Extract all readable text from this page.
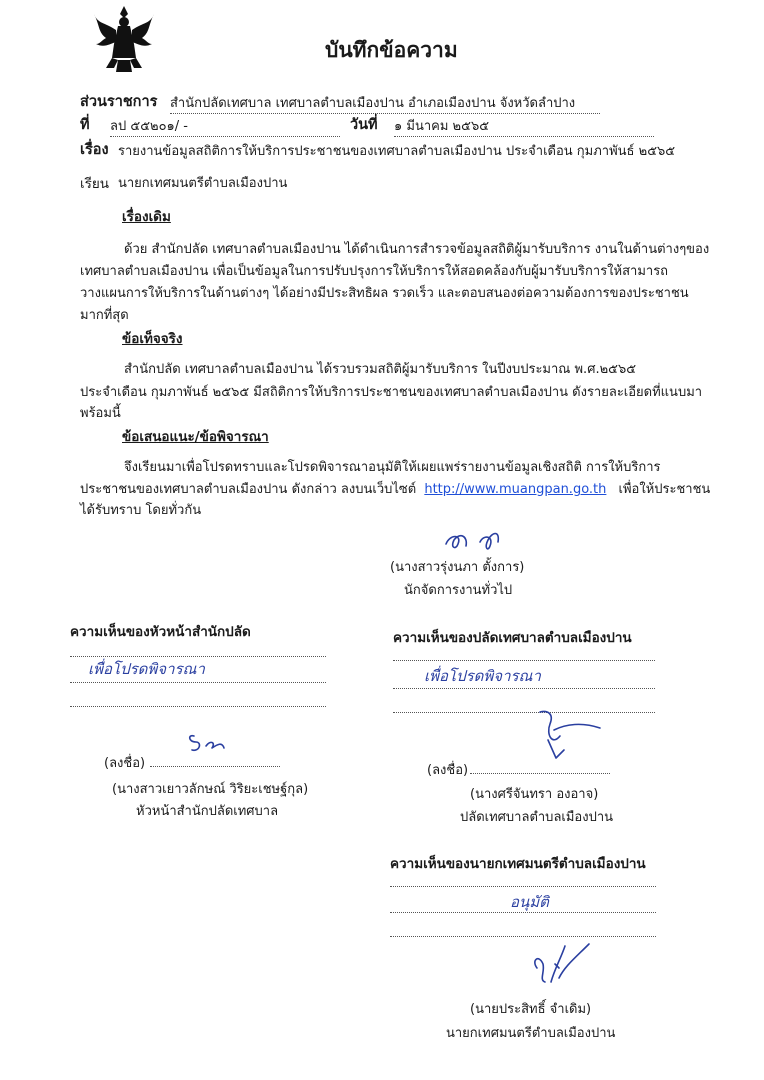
บันทึกข้อความ
ส่วนราชการ สำนักปลัดเทศบาล เทศบาลตำบลเมืองปาน อำเภอเมืองปาน จังหวัดลำปาง
ที่ ลป ๕๕๒๐๑/ -	วันที่ ๑ มีนาคม ๒๕๖๕
เรื่อง รายงานข้อมูลสถิติการให้บริการประชาชนของเทศบาลตำบลเมืองปาน ประจำเดือน กุมภาพันธ์ ๒๕๖๕
เรียน นายกเทศมนตรีตำบลเมืองปาน
เรื่องเดิม
ด้วย สำนักปลัด เทศบาลตำบลเมืองปาน ได้ดำเนินการสำรวจข้อมูลสถิติผู้มารับบริการ งานในด้านต่างๆของ
เทศบาลตำบลเมืองปาน เพื่อเป็นข้อมูลในการปรับปรุงการให้บริการให้สอดคล้องกับผู้มารับบริการให้สามารถ
วางแผนการให้บริการในด้านต่างๆ ได้อย่างมีประสิทธิผล รวดเร็ว และตอบสนองต่อความต้องการของประชาชน
มากที่สุด
ข้อเท็จจริง
สำนักปลัด เทศบาลตำบลเมืองปาน ได้รวบรวมสถิติผู้มารับบริการ ในปีงบประมาณ พ.ศ.๒๕๖๕
ประจำเดือน กุมภาพันธ์ ๒๕๖๕ มีสถิติการให้บริการประชาชนของเทศบาลตำบลเมืองปาน ดังรายละเอียดที่แนบมา
พร้อมนี้
ข้อเสนอแนะ/ข้อพิจารณา
จึงเรียนมาเพื่อโปรดทราบและโปรดพิจารณาอนุมัติให้เผยแพร่รายงานข้อมูลเชิงสถิติ การให้บริการ
ประชาชนของเทศบาลตำบลเมืองปาน ดังกล่าว ลงบนเว็บไซต์ http://www.muangpan.go.th เพื่อให้ประชาชน
ได้รับทราบ โดยทั่วกัน
(นางสาวรุ่งนภา ตั้งการ)
นักจัดการงานทั่วไป
ความเห็นของหัวหน้าสำนักปลัด
เพื่อโปรดพิจารณา
(ลงชื่อ)
(นางสาวเยาวลักษณ์ วิริยะเชษฐ์กุล)
หัวหน้าสำนักปลัดเทศบาล
ความเห็นของปลัดเทศบาลตำบลเมืองปาน
เพื่อโปรดพิจารณา
(ลงชื่อ)
(นางศรีจันทรา องอาจ)
ปลัดเทศบาลตำบลเมืองปาน
ความเห็นของนายกเทศมนตรีตำบลเมืองปาน
อนุมัติ
(นายประสิทธิ์ จำเดิม)
นายกเทศมนตรีตำบลเมืองปาน
